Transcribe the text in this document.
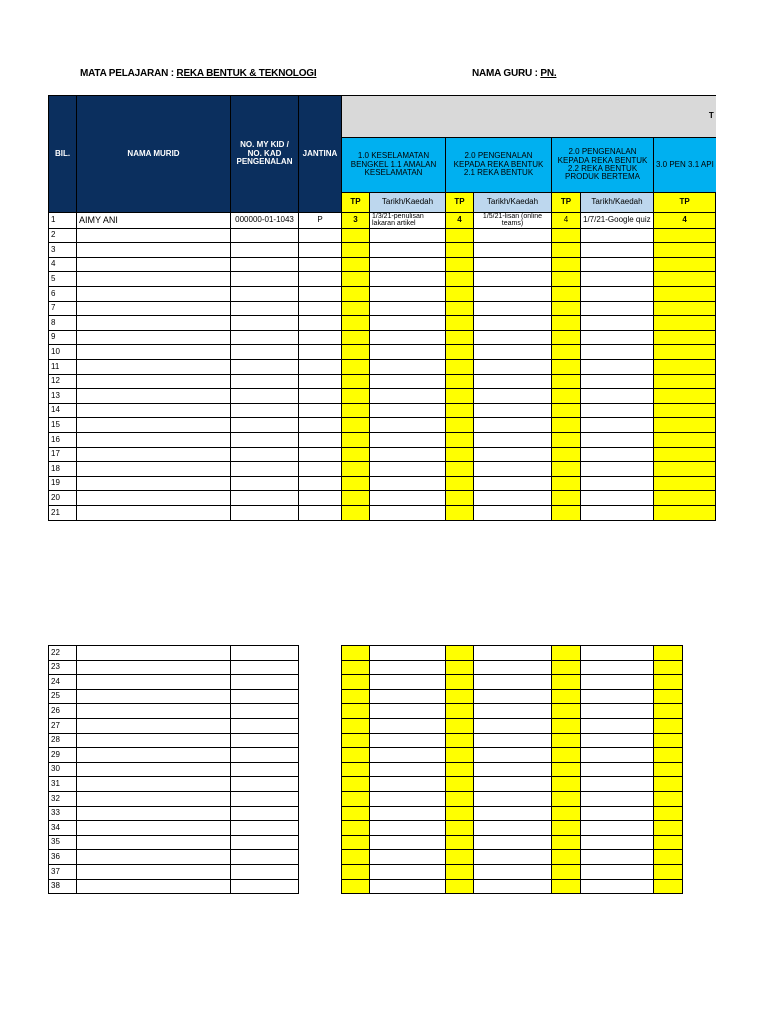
MATA PELAJARAN : REKA BENTUK & TEKNOLOGI	NAMA GURU : PN.
BIL.	NAMA MURID	NO. MY KID / NO. KAD PENGENALAN	JANTINA	T						
				1.0 KESELAMATAN BENGKEL 1.1 AMALAN KESELAMATAN		2.0 PENGENALAN KEPADA REKA BENTUK 2.1 REKA BENTUK		2.0 PENGENALAN KEPADA REKA BENTUK 2.2 REKA BENTUK PRODUK BERTEMA		3.0 PEN 3.1 API
				TP	Tarikh/Kaedah	TP	Tarikh/Kaedah	TP	Tarikh/Kaedah	TP
1	AIMY ANI	000000-01-1043	P	3	1/3/21-penulisan lakaran artikel	4	1/5/21-lisan (online teams)	4	1/7/21-Google quiz	4
2										
3										
4										
5										
6										
7										
8										
9										
10										
11										
12										
13										
14										
15										
16										
17										
18										
19										
20										
21										
22										
23										
24										
25										
26										
27										
28										
29										
30										
31										
32										
33										
34										
35										
36										
37										
38										
